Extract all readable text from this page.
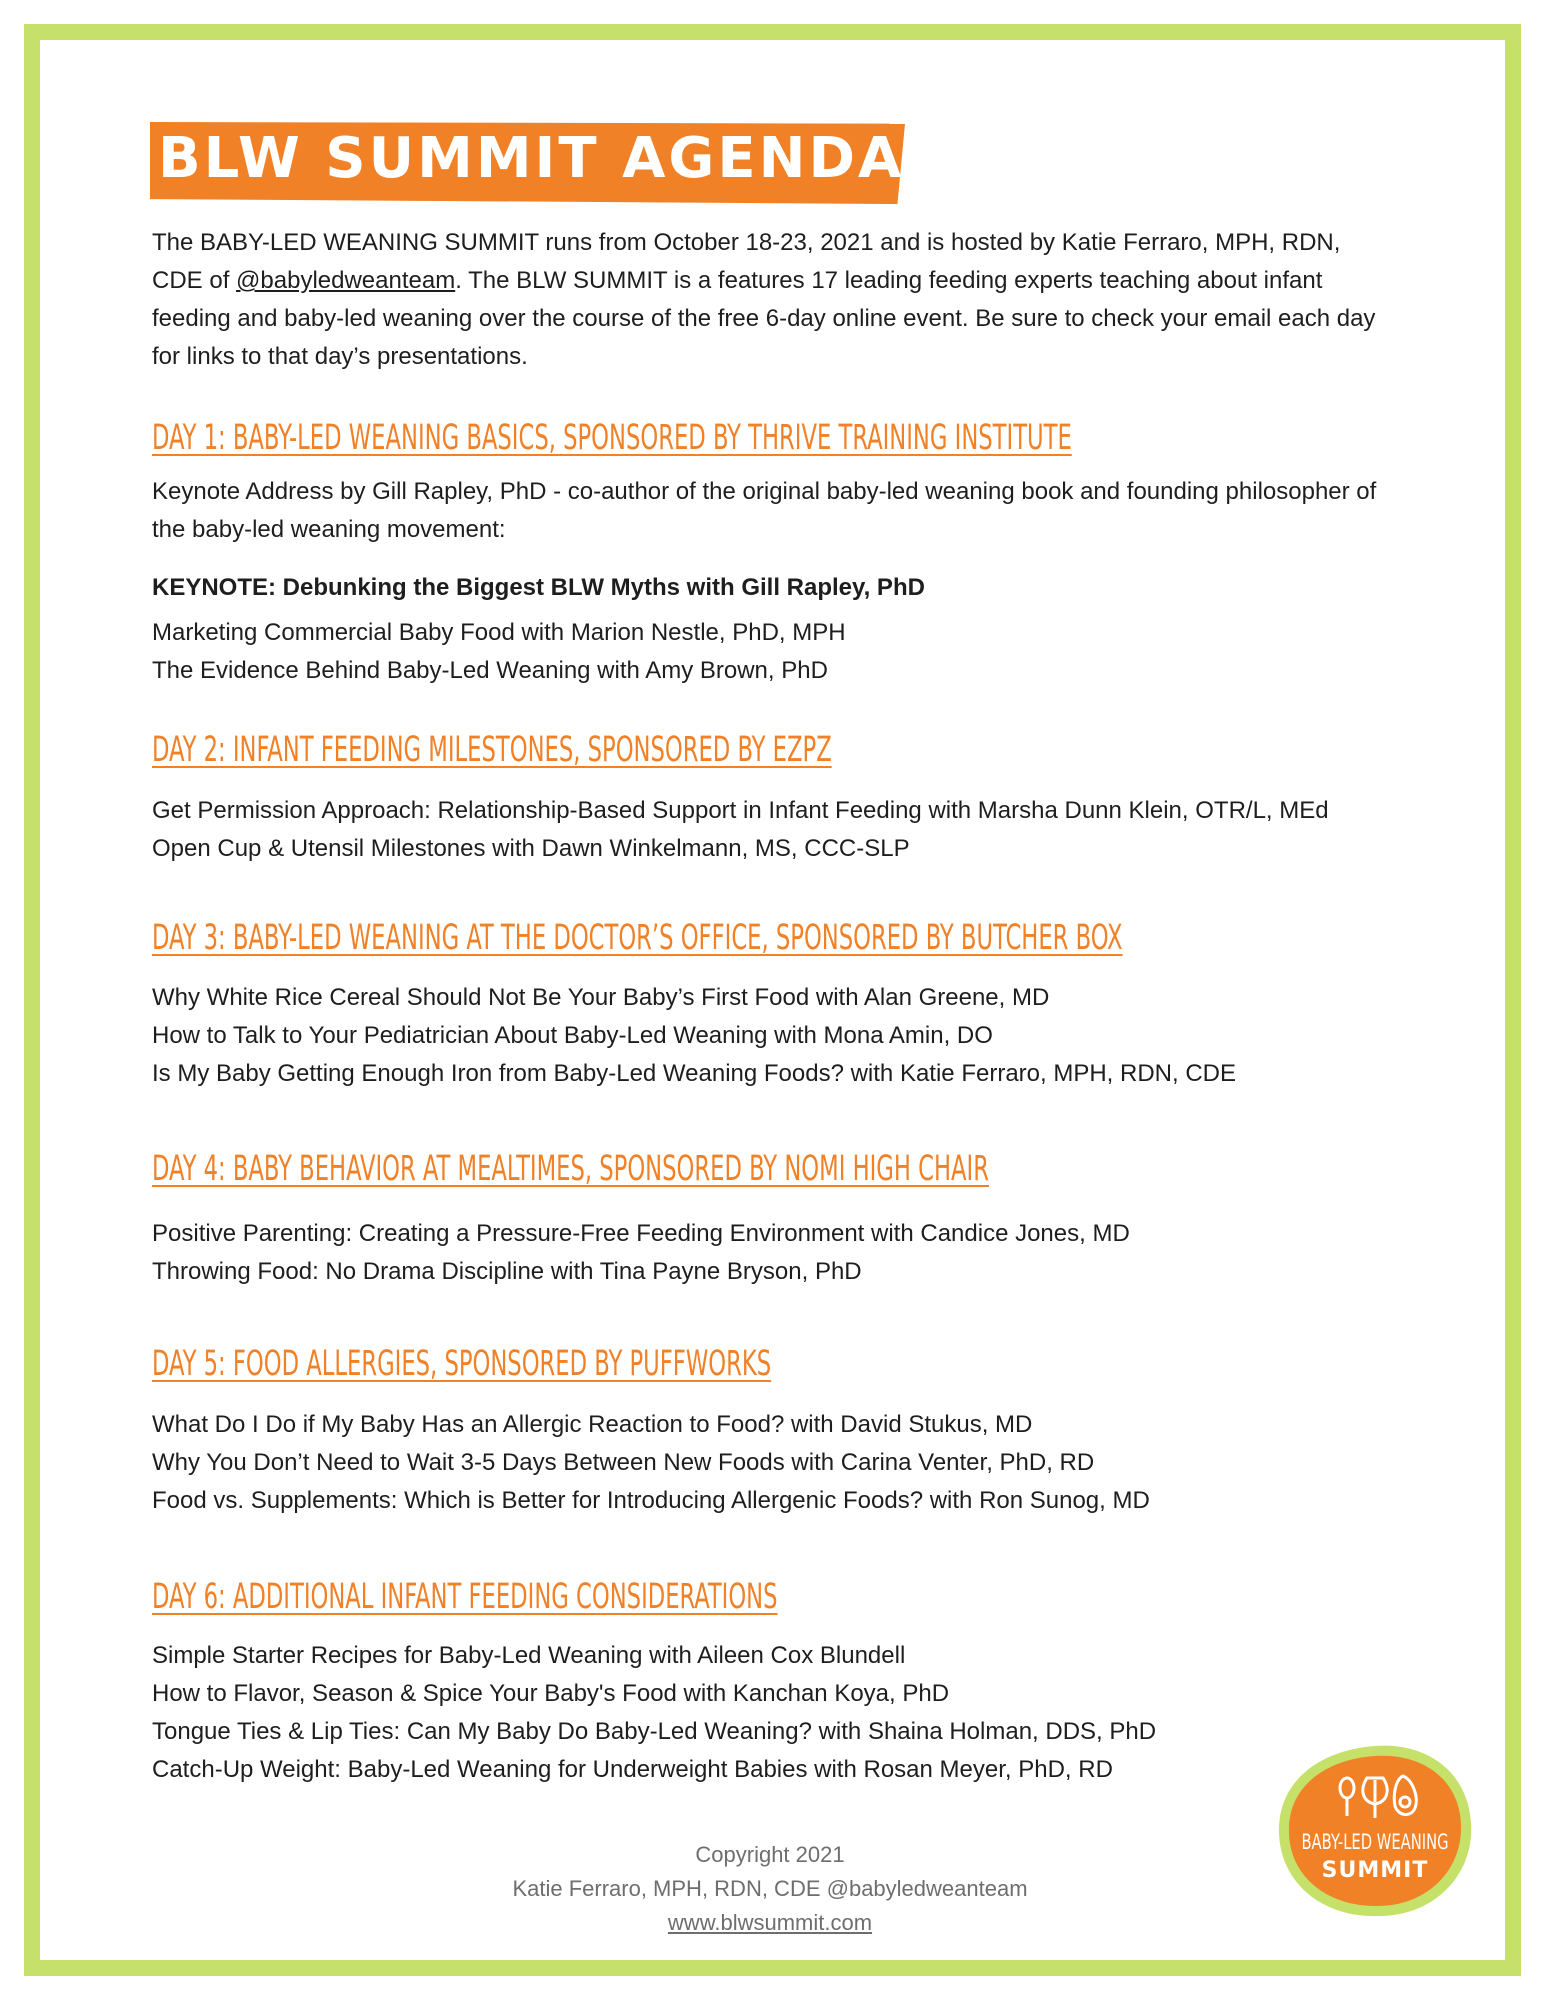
BLW SUMMIT AGENDA
The BABY-LED WEANING SUMMIT runs from October 18-23, 2021 and is hosted by Katie Ferraro, MPH, RDN, CDE of @babyledweanteam. The BLW SUMMIT is a features 17 leading feeding experts teaching about infant feeding and baby-led weaning over the course of the free 6-day online event. Be sure to check your email each day for links to that day’s presentations.
DAY 1: BABY-LED WEANING BASICS, SPONSORED BY THRIVE TRAINING INSTITUTE
Keynote Address by Gill Rapley, PhD - co-author of the original baby-led weaning book and founding philosopher of the baby-led weaning movement:
KEYNOTE: Debunking the Biggest BLW Myths with Gill Rapley, PhD
Marketing Commercial Baby Food with Marion Nestle, PhD, MPH
The Evidence Behind Baby-Led Weaning with Amy Brown, PhD
DAY 2: INFANT FEEDING MILESTONES, SPONSORED BY EZPZ
Get Permission Approach: Relationship-Based Support in Infant Feeding with Marsha Dunn Klein, OTR/L, MEd
Open Cup & Utensil Milestones with Dawn Winkelmann, MS, CCC-SLP
DAY 3: BABY-LED WEANING AT THE DOCTOR’S OFFICE, SPONSORED BY BUTCHER BOX
Why White Rice Cereal Should Not Be Your Baby’s First Food with Alan Greene, MD
How to Talk to Your Pediatrician About Baby-Led Weaning with Mona Amin, DO
Is My Baby Getting Enough Iron from Baby-Led Weaning Foods? with Katie Ferraro, MPH, RDN, CDE
DAY 4: BABY BEHAVIOR AT MEALTIMES, SPONSORED BY NOMI HIGH CHAIR
Positive Parenting: Creating a Pressure-Free Feeding Environment with Candice Jones, MD
Throwing Food: No Drama Discipline with Tina Payne Bryson, PhD
DAY 5: FOOD ALLERGIES, SPONSORED BY PUFFWORKS
What Do I Do if My Baby Has an Allergic Reaction to Food? with David Stukus, MD
Why You Don’t Need to Wait 3-5 Days Between New Foods with Carina Venter, PhD, RD
Food vs. Supplements: Which is Better for Introducing Allergenic Foods? with Ron Sunog, MD
DAY 6: ADDITIONAL INFANT FEEDING CONSIDERATIONS
Simple Starter Recipes for Baby-Led Weaning with Aileen Cox Blundell
How to Flavor, Season & Spice Your Baby's Food with Kanchan Koya, PhD
Tongue Ties & Lip Ties: Can My Baby Do Baby-Led Weaning? with Shaina Holman, DDS, PhD
Catch-Up Weight: Baby-Led Weaning for Underweight Babies with Rosan Meyer, PhD, RD
Copyright 2021
Katie Ferraro, MPH, RDN, CDE @babyledweanteam
www.blwsummit.com
BABY-LED WEANING
SUMMIT
